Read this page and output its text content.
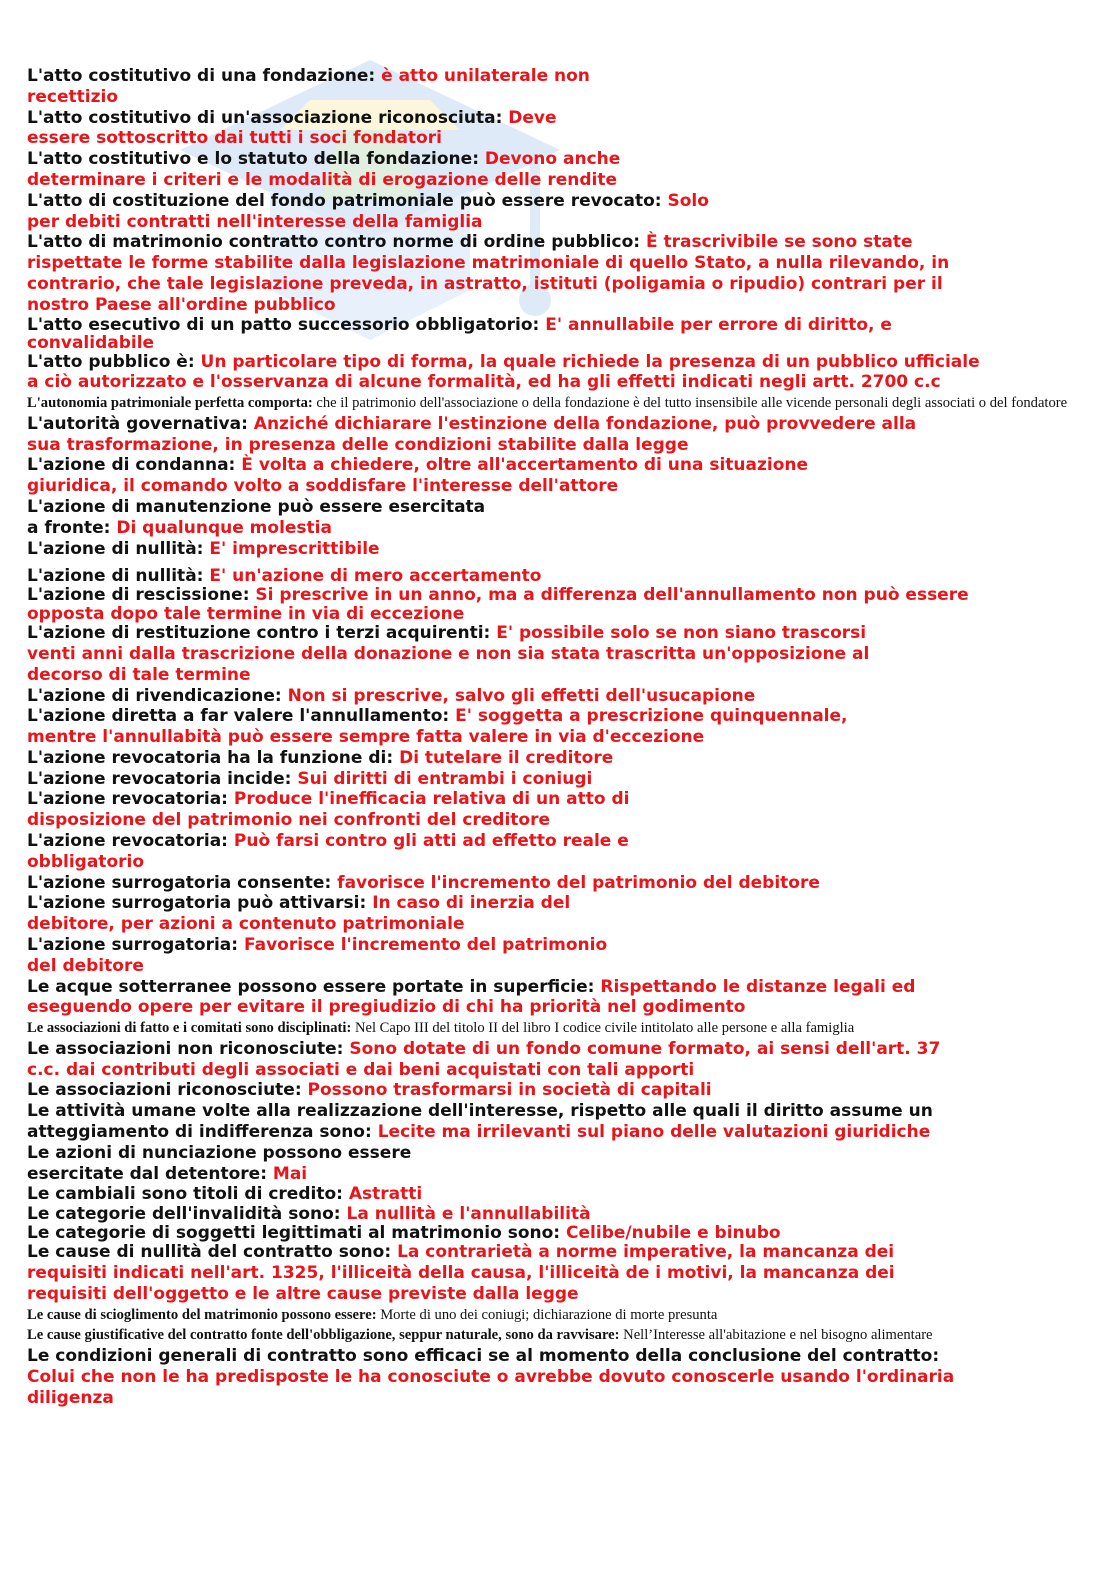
L'atto costitutivo di una fondazione: è atto unilaterale non
recettizio
L'atto costitutivo di un'associazione riconosciuta: Deve
essere sottoscritto dai tutti i soci fondatori
L'atto costitutivo e lo statuto della fondazione: Devono anche
determinare i criteri e le modalità di erogazione delle rendite
L'atto di costituzione del fondo patrimoniale può essere revocato: Solo
per debiti contratti nell'interesse della famiglia
L'atto di matrimonio contratto contro norme di ordine pubblico: È trascrivibile se sono state
rispettate le forme stabilite dalla legislazione matrimoniale di quello Stato, a nulla rilevando, in
contrario, che tale legislazione preveda, in astratto, istituti (poligamia o ripudio) contrari per il
nostro Paese all'ordine pubblico
L'atto esecutivo di un patto successorio obbligatorio: E' annullabile per errore di diritto, e
convalidabile
L'atto pubblico è: Un particolare tipo di forma, la quale richiede la presenza di un pubblico ufficiale
a ciò autorizzato e l'osservanza di alcune formalità, ed ha gli effetti indicati negli artt. 2700 c.c
L'autonomia patrimoniale perfetta comporta: che il patrimonio dell'associazione o della fondazione è del tutto insensibile alle vicende personali degli associati o del fondatore
L'autorità governativa: Anziché dichiarare l'estinzione della fondazione, può provvedere alla
sua trasformazione, in presenza delle condizioni stabilite dalla legge
L'azione di condanna: È volta a chiedere, oltre all'accertamento di una situazione
giuridica, il comando volto a soddisfare l'interesse dell'attore
L'azione di manutenzione può essere esercitata
a fronte: Di qualunque molestia
L'azione di nullità: E' imprescrittibile
L'azione di nullità: E' un'azione di mero accertamento
L'azione di rescissione: Si prescrive in un anno, ma a differenza dell'annullamento non può essere
opposta dopo tale termine in via di eccezione
L'azione di restituzione contro i terzi acquirenti: E' possibile solo se non siano trascorsi
venti anni dalla trascrizione della donazione e non sia stata trascritta un'opposizione al
decorso di tale termine
L'azione di rivendicazione: Non si prescrive, salvo gli effetti dell'usucapione
L'azione diretta a far valere l'annullamento: E' soggetta a prescrizione quinquennale,
mentre l'annullabità può essere sempre fatta valere in via d'eccezione
L'azione revocatoria ha la funzione di: Di tutelare il creditore
L'azione revocatoria incide: Sui diritti di entrambi i coniugi
L'azione revocatoria: Produce l'inefficacia relativa di un atto di
disposizione del patrimonio nei confronti del creditore
L'azione revocatoria: Può farsi contro gli atti ad effetto reale e
obbligatorio
L'azione surrogatoria consente: favorisce l'incremento del patrimonio del debitore
L'azione surrogatoria può attivarsi: In caso di inerzia del
debitore, per azioni a contenuto patrimoniale
L'azione surrogatoria: Favorisce l'incremento del patrimonio
del debitore
Le acque sotterranee possono essere portate in superficie: Rispettando le distanze legali ed
eseguendo opere per evitare il pregiudizio di chi ha priorità nel godimento
Le associazioni di fatto e i comitati sono disciplinati: Nel Capo III del titolo II del libro I codice civile intitolato alle persone e alla famiglia
Le associazioni non riconosciute: Sono dotate di un fondo comune formato, ai sensi dell'art. 37
c.c. dai contributi degli associati e dai beni acquistati con tali apporti
Le associazioni riconosciute: Possono trasformarsi in società di capitali
Le attività umane volte alla realizzazione dell'interesse, rispetto alle quali il diritto assume un
atteggiamento di indifferenza sono: Lecite ma irrilevanti sul piano delle valutazioni giuridiche
Le azioni di nunciazione possono essere
esercitate dal detentore: Mai
Le cambiali sono titoli di credito: Astratti
Le categorie dell'invalidità sono: La nullità e l'annullabilità
Le categorie di soggetti legittimati al matrimonio sono: Celibe/nubile e binubo
Le cause di nullità del contratto sono: La contrarietà a norme imperative, la mancanza dei
requisiti indicati nell'art. 1325, l'illiceità della causa, l'illiceità de i motivi, la mancanza dei
requisiti dell'oggetto e le altre cause previste dalla legge
Le cause di scioglimento del matrimonio possono essere: Morte di uno dei coniugi; dichiarazione di morte presunta
Le cause giustificative del contratto fonte dell'obbligazione, seppur naturale, sono da ravvisare: Nell’Interesse all'abitazione e nel bisogno alimentare
Le condizioni generali di contratto sono efficaci se al momento della conclusione del contratto:
Colui che non le ha predisposte le ha conosciute o avrebbe dovuto conoscerle usando l'ordinaria
diligenza
